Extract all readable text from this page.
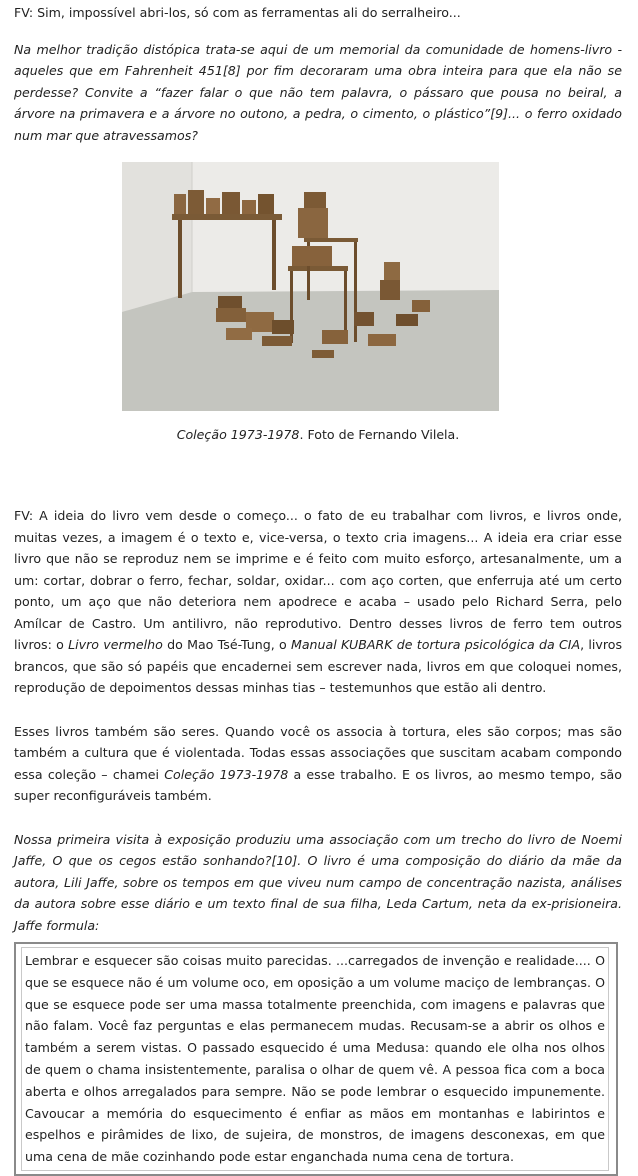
FV: Sim, impossível abri-los, só com as ferramentas ali do serralheiro...

Na melhor tradição distópica trata-se aqui de um memorial da comunidade de homens-livro - aqueles que em Fahrenheit 451[8] por fim decoraram uma obra inteira para que ela não se perdesse? Convite a “fazer falar o que não tem palavra, o pássaro que pousa no beiral, a árvore na primavera e a árvore no outono, a pedra, o cimento, o plástico”[9]... o ferro oxidado num mar que atravessamos?

Coleção 1973-1978. Foto de Fernando Vilela.

FV: A ideia do livro vem desde o começo... o fato de eu trabalhar com livros, e livros onde, muitas vezes, a imagem é o texto e, vice-versa, o texto cria imagens... A ideia era criar esse livro que não se reproduz nem se imprime e é feito com muito esforço, artesanalmente, um a um: cortar, dobrar o ferro, fechar, soldar, oxidar... com aço corten, que enferruja até um certo ponto, um aço que não deteriora nem apodrece e acaba – usado pelo Richard Serra, pelo Amílcar de Castro. Um antilivro, não reprodutivo. Dentro desses livros de ferro tem outros livros: o Livro vermelho do Mao Tsé-Tung, o Manual KUBARK de tortura psicológica da CIA, livros brancos, que são só papéis que encadernei sem escrever nada, livros em que coloquei nomes, reprodução de depoimentos dessas minhas tias – testemunhos que estão ali dentro.

Esses livros também são seres. Quando você os associa à tortura, eles são corpos; mas são também a cultura que é violentada. Todas essas associações que suscitam acabam compondo essa coleção – chamei Coleção 1973-1978 a esse trabalho. E os livros, ao mesmo tempo, são super reconfiguráveis também.

Nossa primeira visita à exposição produziu uma associação com um trecho do livro de Noemi Jaffe, O que os cegos estão sonhando?[10]. O livro é uma composição do diário da mãe da autora, Lili Jaffe, sobre os tempos em que viveu num campo de concentração nazista, análises da autora sobre esse diário e um texto final de sua filha, Leda Cartum, neta da ex-prisioneira. Jaffe formula:

Lembrar e esquecer são coisas muito parecidas. ...carregados de invenção e realidade.... O que se esquece não é um volume oco, em oposição a um volume maciço de lembranças. O que se esquece pode ser uma massa totalmente preenchida, com imagens e palavras que não falam. Você faz perguntas e elas permanecem mudas. Recusam-se a abrir os olhos e também a serem vistas. O passado esquecido é uma Medusa: quando ele olha nos olhos de quem o chama insistentemente, paralisa o olhar de quem vê. A pessoa fica com a boca aberta e olhos arregalados para sempre. Não se pode lembrar o esquecido impunemente. Cavoucar a memória do esquecimento é enfiar as mãos em montanhas e labirintos e espelhos e pirâmides de lixo, de sujeira, de monstros, de imagens desconexas, em que uma cena de mãe cozinhando pode estar enganchada numa cena de tortura.
